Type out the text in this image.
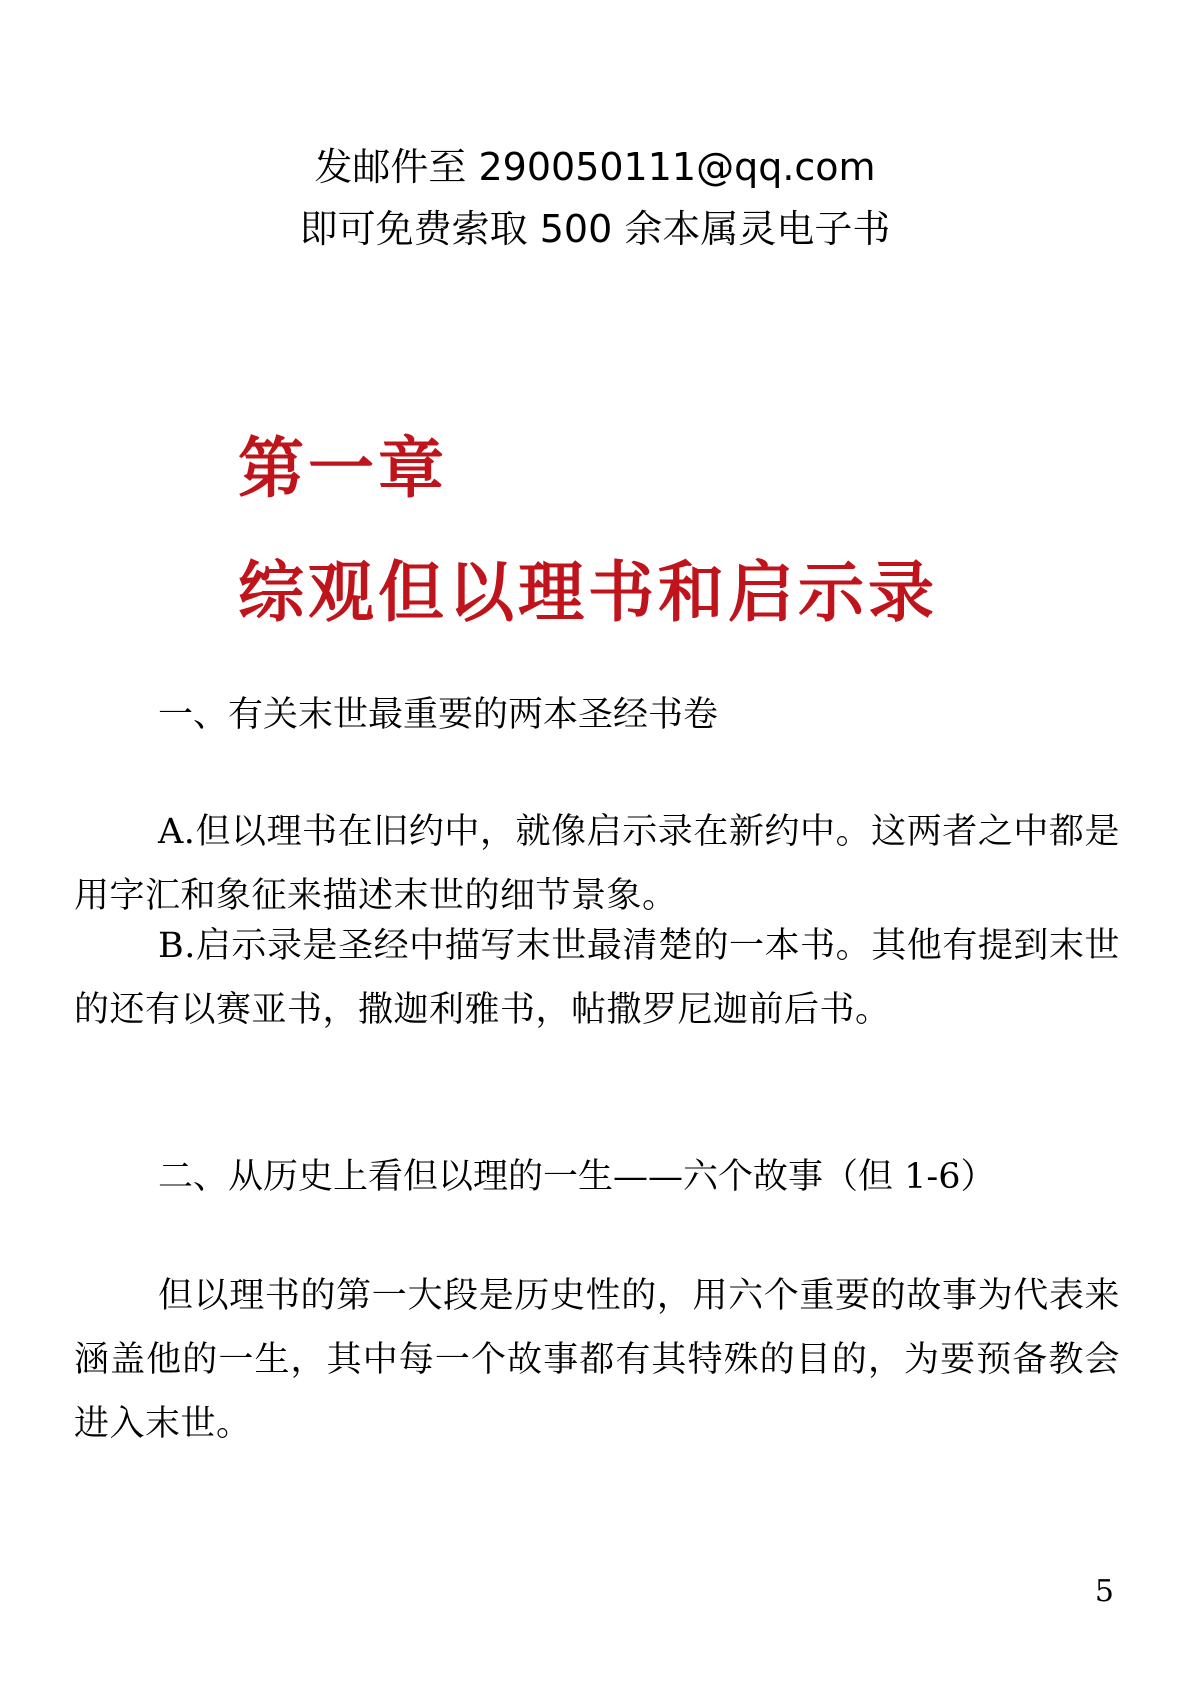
发邮件至 290050111@qq.com
即可免费索取 500 余本属灵电子书
第一章
综观但以理书和启示录
一、有关末世最重要的两本圣经书卷
A.但以理书在旧约中，就像启示录在新约中。这两者之中都是用字汇和象征来描述末世的细节景象。
B.启示录是圣经中描写末世最清楚的一本书。其他有提到末世的还有以赛亚书，撒迦利雅书，帖撒罗尼迦前后书。
二、从历史上看但以理的一生——六个故事（但 1-6）
但以理书的第一大段是历史性的，用六个重要的故事为代表来涵盖他的一生，其中每一个故事都有其特殊的目的，为要预备教会进入末世。
5
